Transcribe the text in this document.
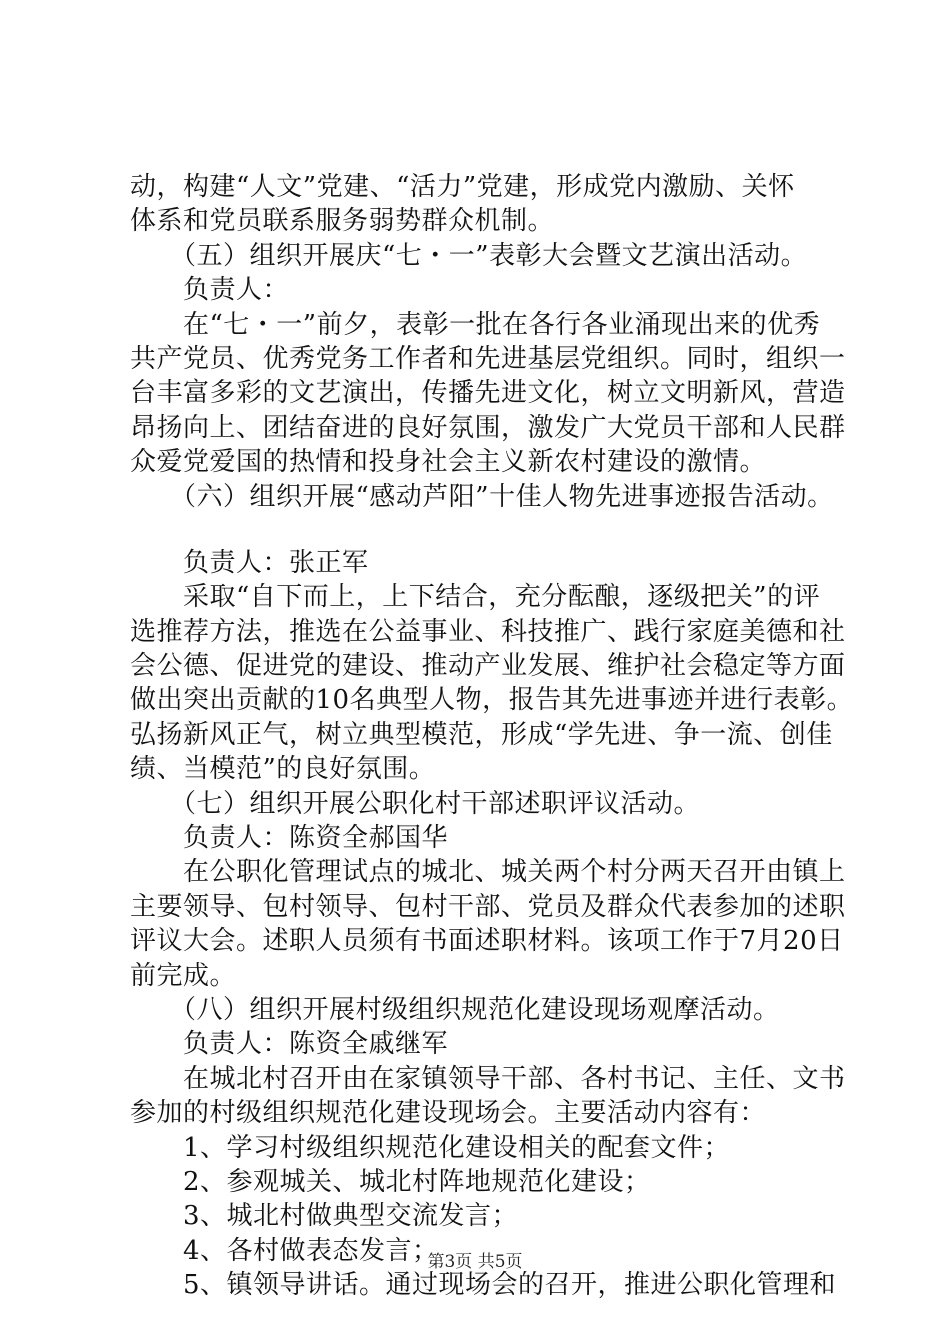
动，构建“人文”党建、“活力”党建，形成党内激励、关怀
体系和党员联系服务弱势群众机制。
　　（五）组织开展庆“七・一”表彰大会暨文艺演出活动。
　　负责人：
　　在“七・一”前夕，表彰一批在各行各业涌现出来的优秀
共产党员、优秀党务工作者和先进基层党组织。同时，组织一
台丰富多彩的文艺演出，传播先进文化，树立文明新风，营造
昂扬向上、团结奋进的良好氛围，激发广大党员干部和人民群
众爱党爱国的热情和投身社会主义新农村建设的激情。
　　（六）组织开展“感动芦阳”十佳人物先进事迹报告活动。
　　负责人：张正军
　　采取“自下而上，上下结合，充分酝酿，逐级把关”的评
选推荐方法，推选在公益事业、科技推广、践行家庭美德和社
会公德、促进党的建设、推动产业发展、维护社会稳定等方面
做出突出贡献的10名典型人物，报告其先进事迹并进行表彰。
弘扬新风正气，树立典型模范，形成“学先进、争一流、创佳
绩、当模范”的良好氛围。
　　（七）组织开展公职化村干部述职评议活动。
　　负责人：陈资全郝国华
　　在公职化管理试点的城北、城关两个村分两天召开由镇上
主要领导、包村领导、包村干部、党员及群众代表参加的述职
评议大会。述职人员须有书面述职材料。该项工作于7月20日
前完成。
　　（八）组织开展村级组织规范化建设现场观摩活动。
　　负责人：陈资全戚继军
　　在城北村召开由在家镇领导干部、各村书记、主任、文书
参加的村级组织规范化建设现场会。主要活动内容有：
　　1、学习村级组织规范化建设相关的配套文件；
　　2、参观城关、城北村阵地规范化建设；
　　3、城北村做典型交流发言；
　　4、各村做表态发言；
　　5、镇领导讲话。通过现场会的召开，推进公职化管理和
第3页 共5页
